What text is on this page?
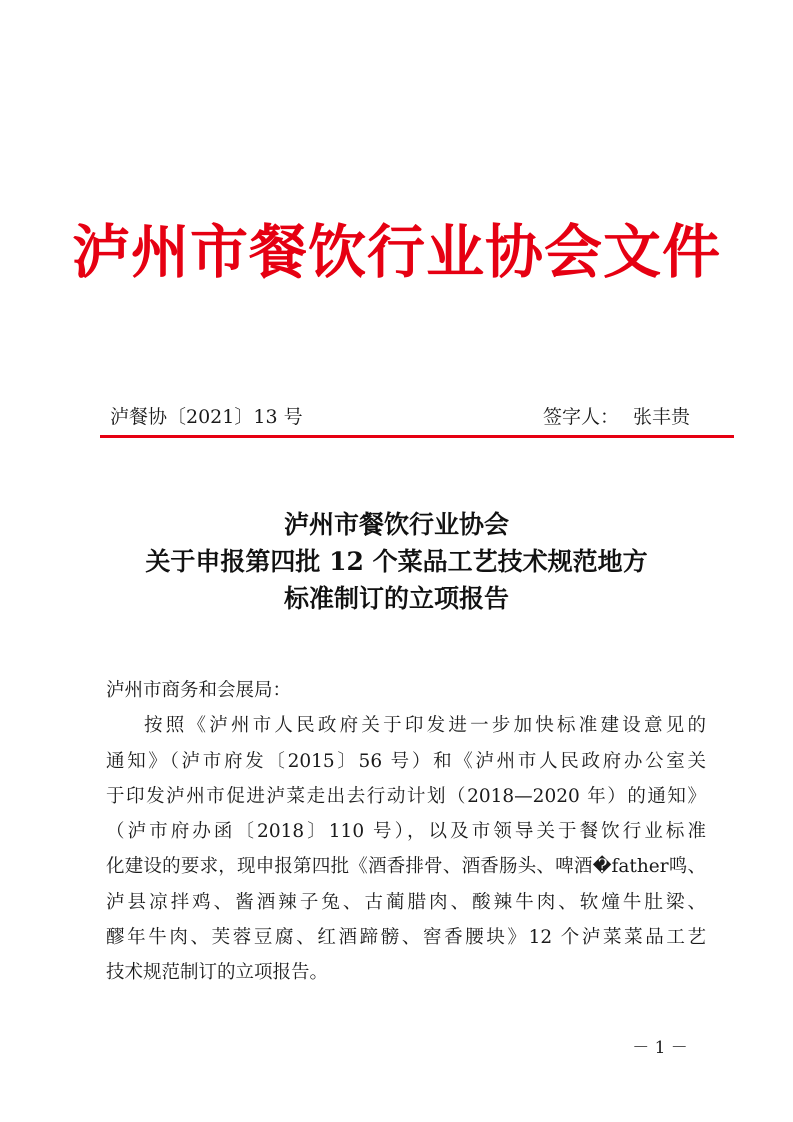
泸州市餐饮行业协会文件
泸餐协〔2021〕13 号	签字人： 张丰贵
泸州市餐饮行业协会
关于申报第四批 12 个菜品工艺技术规范地方
标准制订的立项报告
泸州市商务和会展局：
按照《泸州市人民政府关于印发进一步加快标准建设意见的
通知》（泸市府发〔2015〕56 号）和《泸州市人民政府办公室关
于印发泸州市促进泸菜走出去行动计划（2018—2020 年）的通知》
（泸市府办函〔2018〕110 号），以及市领导关于餐饮行业标准
化建设的要求，现申报第四批《酒香排骨、酒香肠头、啤酒�father鸣、
泸县凉拌鸡、酱酒辣子兔、古蔺腊肉、酸辣牛肉、软燑牛肚梁、
醪年牛肉、芙蓉豆腐、红酒蹄髈、窖香腰块》12 个泸菜菜品工艺
技术规范制订的立项报告。
－ 1 －
